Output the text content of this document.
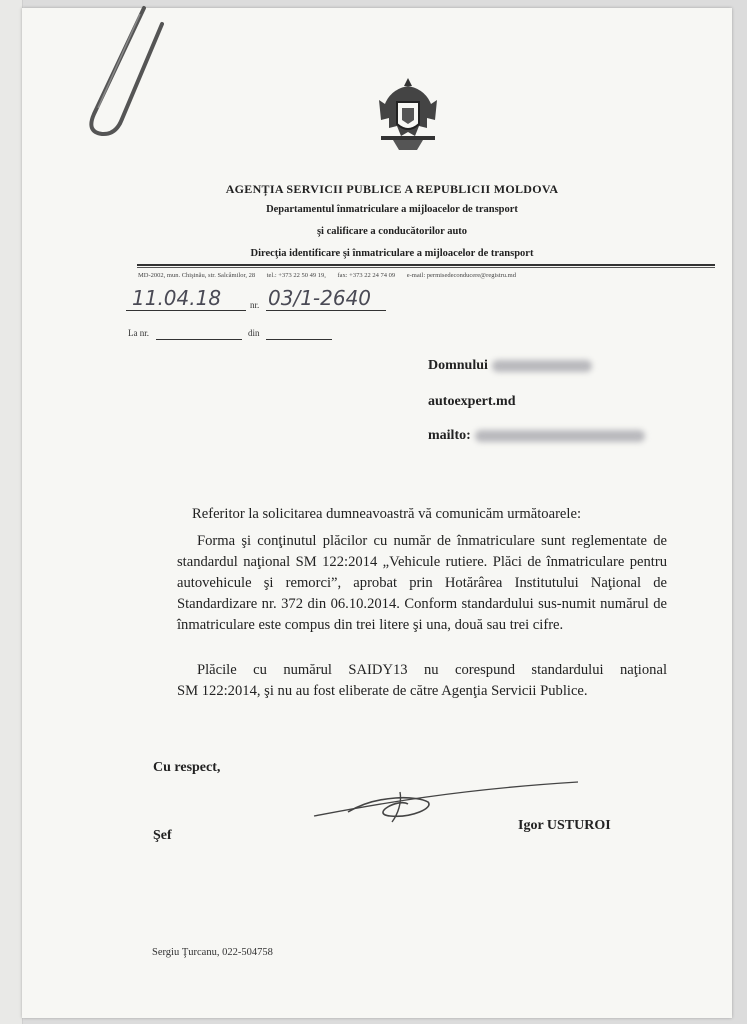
AGENȚIA SERVICII PUBLICE A REPUBLICII MOLDOVA
Departamentul înmatriculare a mijloacelor de transport
şi calificare a conducătorilor auto
Direcţia identificare şi înmatriculare a mijloacelor de transport
MD-2002, mun. Chişinău, str. Salcâmilor, 28 tel.: +373 22 50 49 19, fax: +373 22 24 74 09 e-mail: permisedeconducere@registru.md
11.04.18	nr. 03/1-2640
La nr.	din
Domnului
autoexpert.md
mailto:
Referitor la solicitarea dumneavoastră vă comunicăm următoarele:
Forma şi conţinutul plăcilor cu număr de înmatriculare sunt reglementate de
standardul naţional SM 122:2014 „Vehicule rutiere. Plăci de înmatriculare pentru
autovehicule şi remorci”, aprobat prin Hotărârea Institutului Naţional de
Standardizare nr. 372 din 06.10.2014. Conform standardului sus-numit numărul de
înmatriculare este compus din trei litere şi una, două sau trei cifre.
Plăcile cu numărul SAIDY13 nu corespund standardului naţional
SM 122:2014, şi nu au fost eliberate de către Agenţia Servicii Publice.
Cu respect,
Şef
Igor USTUROI
Sergiu Ţurcanu, 022-504758
